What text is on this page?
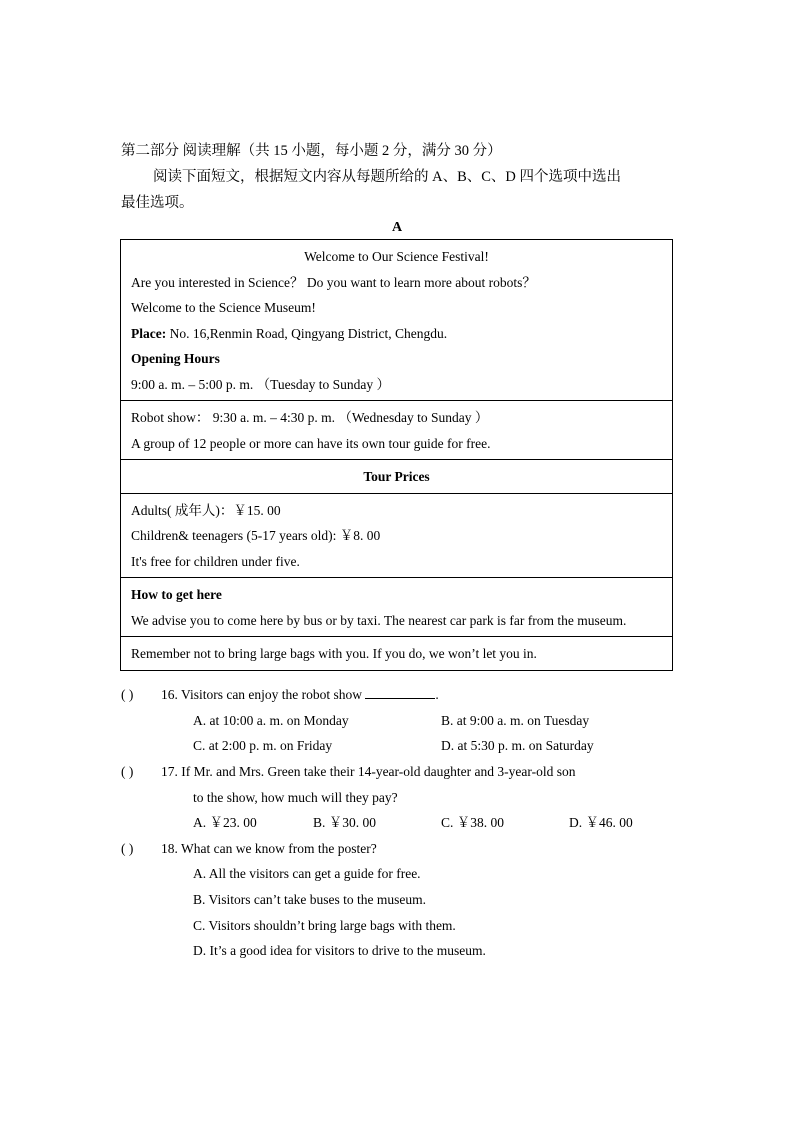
第二部分 阅读理解（共 15 小题，每小题 2 分，满分 30 分）
阅读下面短文，根据短文内容从每题所给的 A、B、C、D 四个选项中选出
最佳选项。
A
Welcome to Our Science Festival!
Are you interested in Science？ Do you want to learn more about robots？
Welcome to the Science Museum!
Place: No. 16,Renmin Road, Qingyang District, Chengdu.
Opening Hours
9:00 a. m. – 5:00 p. m. （Tuesday to Sunday ）

Robot show： 9:30 a. m. – 4:30 p. m. （Wednesday to Sunday ）
A group of 12 people or more can have its own tour guide for free.

Tour Prices

Adults( 成年人)：￥15. 00
Children& teenagers (5-17 years old): ￥8. 00
It's free for children under five.

How to get here
We advise you to come here by bus or by taxi. The nearest car park is far from the museum.

Remember not to bring large bags with you. If you do, we won’t let you in.
( ) 16. Visitors can enjoy the robot show	.
A. at 10:00 a. m. on Monday	B. at 9:00 a. m. on Tuesday
C. at 2:00 p. m. on Friday	D. at 5:30 p. m. on Saturday
( ) 17. If Mr. and Mrs. Green take their 14-year-old daughter and 3-year-old son
to the show, how much will they pay?
A. ￥23. 00	B. ￥30. 00	C. ￥38. 00	D. ￥46. 00
( ) 18. What can we know from the poster?
A. All the visitors can get a guide for free.
B. Visitors can’t take buses to the museum.
C. Visitors shouldn’t bring large bags with them.
D. It’s a good idea for visitors to drive to the museum.
